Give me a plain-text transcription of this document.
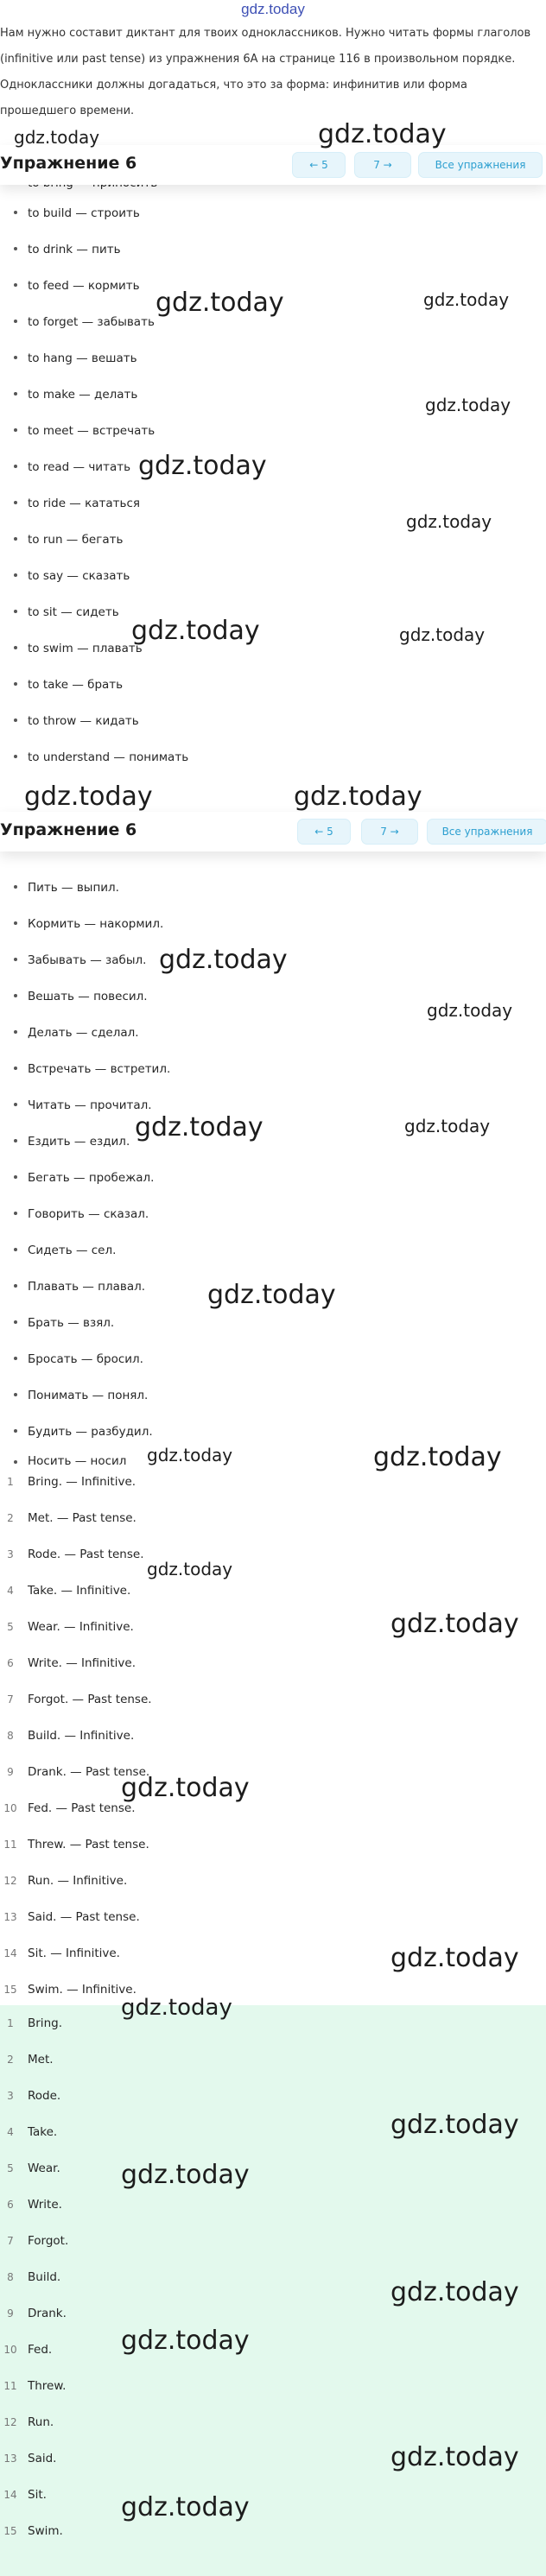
gdz.today
Нам нужно составит диктант для твоих одноклассников. Нужно читать формы глаголов (infinitive или past tense) из упражнения 6А на странице 116 в произвольном порядке. Одноклассники должны догадаться, что это за форма: инфинитив или форма прошедшего времени.
Упражнение 6	← 5	7 →	Все упражнения
to build — строить
to drink — пить
to feed — кормить
to forget — забывать
to hang — вешать
to make — делать
to meet — встречать
to read — читать
to ride — кататься
to run — бегать
to say — сказать
to sit — сидеть
to swim — плавать
to take — брать
to throw — кидать
to understand — понимать
Упражнение 6	← 5	7 →	Все упражнения
Пить — выпил.
Кормить — накормил.
Забывать — забыл.
Вешать — повесил.
Делать — сделал.
Встречать — встретил.
Читать — прочитал.
Ездить — ездил.
Бегать — пробежал.
Говорить — сказал.
Сидеть — сел.
Плавать — плавал.
Брать — взял.
Бросать — бросил.
Понимать — понял.
Будить — разбудил.
Носить — носил
1	Bring. — Infinitive.
2	Met. — Past tense.
3	Rode. — Past tense.
4	Take. — Infinitive.
5	Wear. — Infinitive.
6	Write. — Infinitive.
7	Forgot. — Past tense.
8	Build. — Infinitive.
9	Drank. — Past tense.
10 Fed. — Past tense.
11 Threw. — Past tense.
12 Run. — Infinitive.
13 Said. — Past tense.
14 Sit. — Infinitive.
15 Swim. — Infinitive.
1	Bring.
2	Met.
3	Rode.
4	Take.
5	Wear.
6	Write.
7	Forgot.
8	Build.
9	Drank.
10 Fed.
11 Threw.
12 Run.
13 Said.
14 Sit.
15 Swim.
gdz.today	gdz.today
gdz.today	gdz.today
gdz.today
gdz.today
gdz.today
gdz.today	gdz.today
gdz.today	gdz.today
gdz.today
gdz.today
gdz.today	gdz.today
gdz.today
gdz.today	gdz.today
gdz.today
gdz.today
gdz.today
gdz.today
gdz.today
gdz.today
gdz.today
gdz.today
gdz.today
gdz.today
gdz.today
